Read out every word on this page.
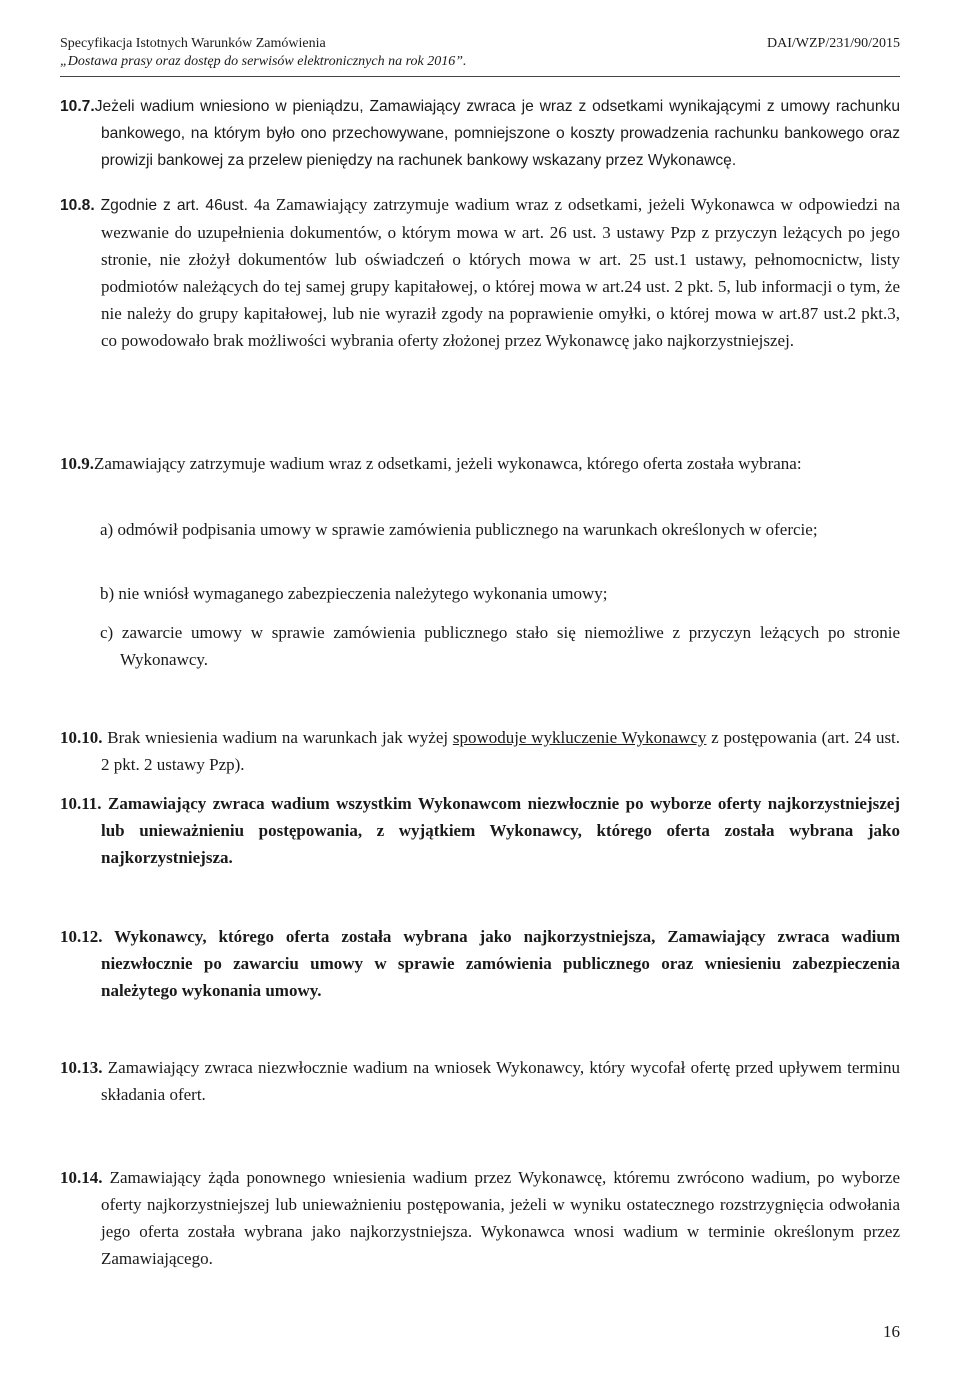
Specyfikacja Istotnych Warunków Zamówienia	DAI/WZP/231/90/2015
„Dostawa prasy oraz dostęp do serwisów elektronicznych na rok 2016”.
10.7.Jeżeli wadium wniesiono w pieniądzu, Zamawiający zwraca je wraz z odsetkami wynikającymi z umowy rachunku bankowego, na którym było ono przechowywane, pomniejszone o koszty prowadzenia rachunku bankowego oraz prowizji bankowej za przelew pieniędzy na rachunek bankowy wskazany przez Wykonawcę.
10.8. Zgodnie z art. 46ust. 4a Zamawiający zatrzymuje wadium wraz z odsetkami, jeżeli Wykonawca w odpowiedzi na wezwanie do uzupełnienia dokumentów, o którym mowa w art. 26 ust. 3 ustawy Pzp z przyczyn leżących po jego stronie, nie złożył dokumentów lub oświadczeń o których mowa w art. 25 ust.1 ustawy, pełnomocnictw, listy podmiotów należących do tej samej grupy kapitałowej, o której mowa w art.24 ust. 2 pkt. 5, lub informacji o tym, że nie należy do grupy kapitałowej, lub nie wyraził zgody na poprawienie omyłki, o której mowa w art.87 ust.2 pkt.3, co powodowało brak możliwości wybrania oferty złożonej przez Wykonawcę jako najkorzystniejszej.
10.9.Zamawiający zatrzymuje wadium wraz z odsetkami, jeżeli wykonawca, którego oferta została wybrana:
a) odmówił podpisania umowy w sprawie zamówienia publicznego na warunkach określonych w ofercie;
b) nie wniósł wymaganego zabezpieczenia należytego wykonania umowy;
c) zawarcie umowy w sprawie zamówienia publicznego stało się niemożliwe z przyczyn leżących po stronie Wykonawcy.
10.10. Brak wniesienia wadium na warunkach jak wyżej spowoduje wykluczenie Wykonawcy z postępowania (art. 24 ust. 2 pkt. 2 ustawy Pzp).
10.11. Zamawiający zwraca wadium wszystkim Wykonawcom niezwłocznie po wyborze oferty najkorzystniejszej lub unieważnieniu postępowania, z wyjątkiem Wykonawcy, którego oferta została wybrana jako najkorzystniejsza.
10.12. Wykonawcy, którego oferta została wybrana jako najkorzystniejsza, Zamawiający zwraca wadium niezwłocznie po zawarciu umowy w sprawie zamówienia publicznego oraz wniesieniu zabezpieczenia należytego wykonania umowy.
10.13. Zamawiający zwraca niezwłocznie wadium na wniosek Wykonawcy, który wycofał ofertę przed upływem terminu składania ofert.
10.14. Zamawiający żąda ponownego wniesienia wadium przez Wykonawcę, któremu zwrócono wadium, po wyborze oferty najkorzystniejszej lub unieważnieniu postępowania, jeżeli w wyniku ostatecznego rozstrzygnięcia odwołania jego oferta została wybrana jako najkorzystniejsza. Wykonawca wnosi wadium w terminie określonym przez Zamawiającego.
16
